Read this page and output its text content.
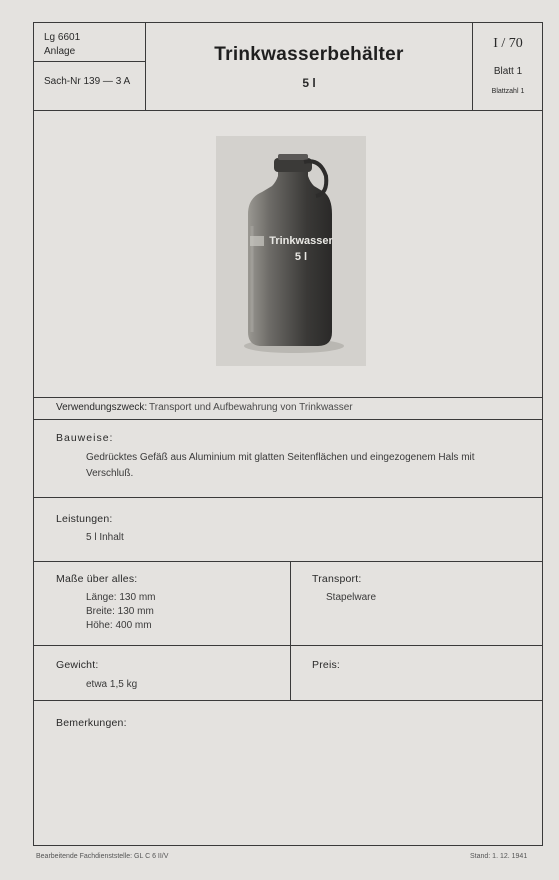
Lg 6601
Anlage
Sach-Nr 139 — 3 A
Trinkwasserbehälter
5 l
I / 70
Blatt 1
Blattzahl 1
Trinkwasser
5 l
Verwendungszweck: Transport und Aufbewahrung von Trinkwasser
Bauweise:
Gedrücktes Gefäß aus Aluminium mit glatten Seitenflächen und eingezogenem Hals mit
Verschluß.
Leistungen:
5 l Inhalt
Maße über alles:
Länge: 130 mm
Breite: 130 mm
Höhe: 400 mm
Transport:
Stapelware
Gewicht:
etwa 1,5 kg
Preis:
Bemerkungen:
Bearbeitende Fachdienststelle: GL C 6 II/V	Stand: 1. 12. 1941
